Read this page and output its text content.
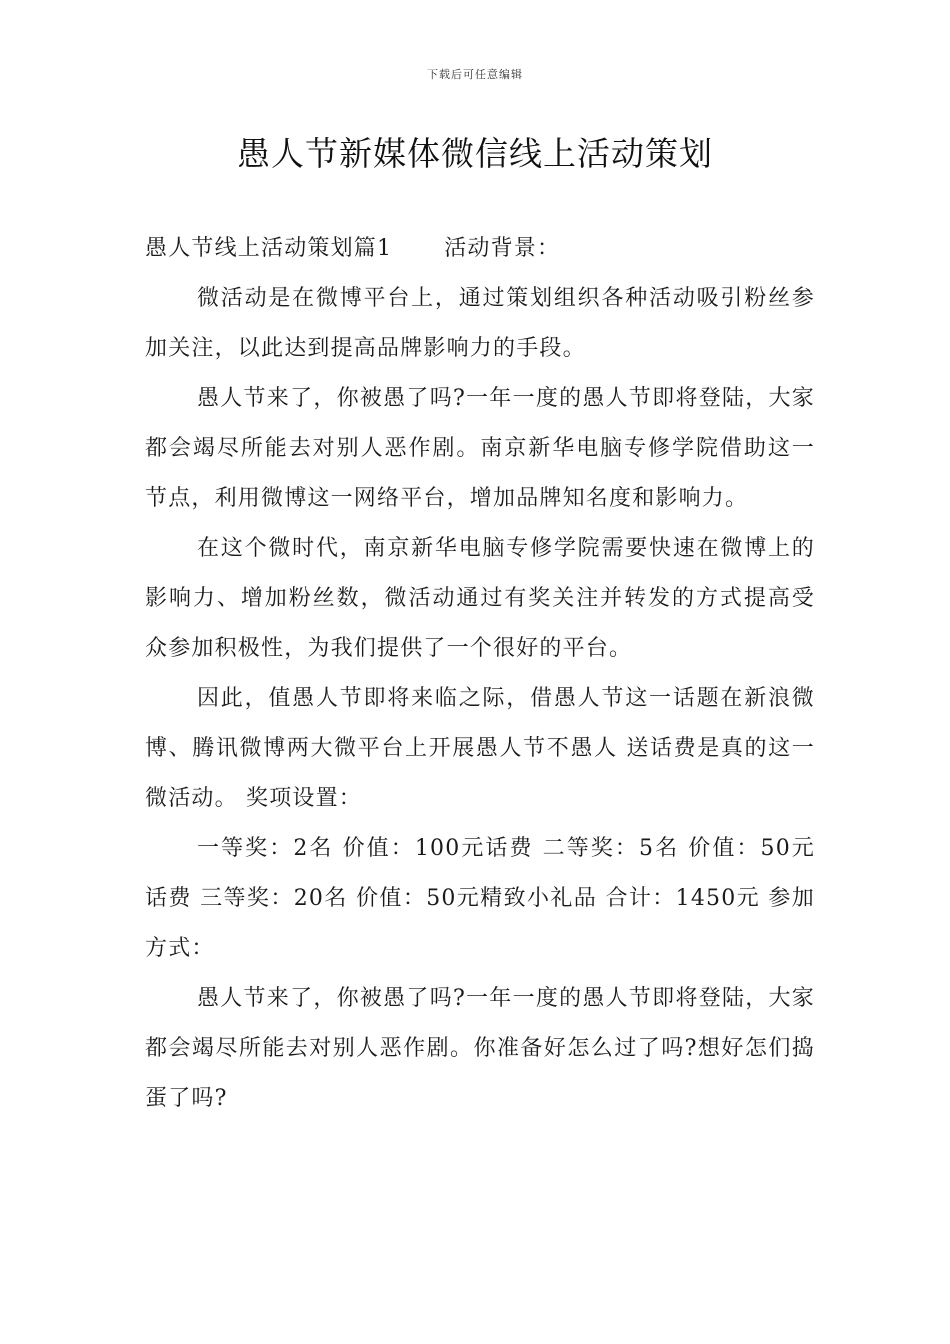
下载后可任意编辑
愚人节新媒体微信线上活动策划

愚人节线上活动策划篇1 活动背景：

微活动是在微博平台上，通过策划组织各种活动吸引粉丝参加关注，以此达到提高品牌影响力的手段。

愚人节来了，你被愚了吗?一年一度的愚人节即将登陆，大家都会竭尽所能去对别人恶作剧。南京新华电脑专修学院借助这一节点，利用微博这一网络平台，增加品牌知名度和影响力。

在这个微时代，南京新华电脑专修学院需要快速在微博上的影响力、增加粉丝数，微活动通过有奖关注并转发的方式提高受众参加积极性，为我们提供了一个很好的平台。

因此，值愚人节即将来临之际，借愚人节这一话题在新浪微博、腾讯微博两大微平台上开展愚人节不愚人 送话费是真的这一微活动。 奖项设置：

一等奖：2名 价值：100元话费 二等奖：5名 价值：50元话费 三等奖：20名 价值：50元精致小礼品 合计：1450元 参加方式：

愚人节来了，你被愚了吗?一年一度的愚人节即将登陆，大家都会竭尽所能去对别人恶作剧。你准备好怎么过了吗?想好怎们捣蛋了吗?
